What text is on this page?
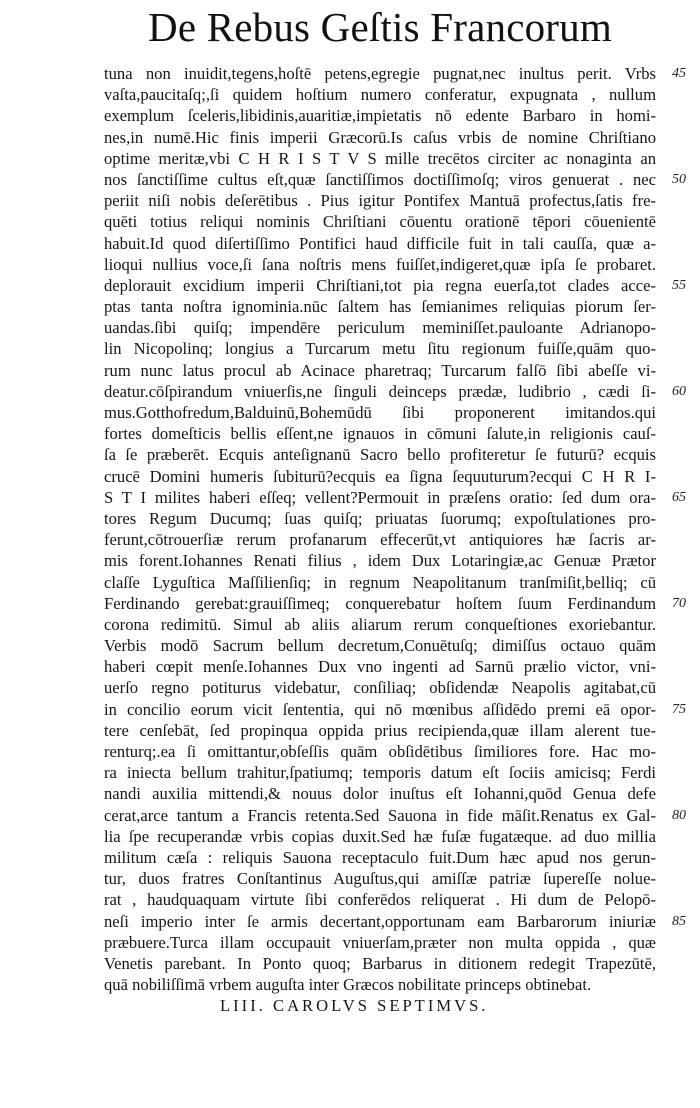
De Rebus Geſtis Francorum
tuna non inuidit,tegens,hoſtē petens,egregie pugnat,nec inultus perit. Vrbs
vaſta,paucitaſq;,ſi quidem hoſtium numero conferatur, expugnata , nullum
exemplum ſceleris,libidinis,auaritiæ,impietatis nō edente Barbaro in homi-
nes,in numē.Hic finis imperii Græcorū.Is caſus vrbis de nomine Chriſtiano
optime meritæ,vbi C H R I S T V S mille trecētos circiter ac nonaginta an
nos ſanctiſſime cultus eſt,quæ ſanctiſſimos doctiſſimoſq; viros genuerat . nec
periit niſi nobis deſerētibus . Pius igitur Pontifex Mantuā profectus,ſatis fre-
quēti totius reliqui nominis Chriſtiani cōuentu orationē tēpori cōuenientē
habuit.Id quod diſertiſſimo Pontifici haud difficile fuit in tali cauſſa, quæ a-
lioqui nullius voce,ſi ſana noſtris mens fuiſſet,indigeret,quæ ipſa ſe probaret.
deplorauit excidium imperii Chriſtiani,tot pia regna euerſa,tot clades acce-
ptas tanta noſtra ignominia.nūc ſaltem has ſemianimes reliquias piorum ſer-
uandas.ſibi quiſq; impendēre periculum meminiſſet.pauloante Adrianopo-
lin Nicopolinq; longius a Turcarum metu ſitu regionum fuiſſe,quām quo-
rum nunc latus procul ab Acinace pharetraq; Turcarum falſō ſibi abeſſe vi-
deatur.cōſpirandum vniuerſis,ne ſinguli deinceps prædæ, ludibrio , cædi ſi-
mus.Gotthofredum,Balduinū,Bohemūdū ſibi proponerent imitandos.qui
fortes domeſticis bellis eſſent,ne ignauos in cōmuni ſalute,in religionis cauſ-
ſa ſe præberēt. Ecquis anteſignanū Sacro bello profiteretur ſe futurū? ecquis
crucē Domini humeris ſubiturū?ecquis ea ſigna ſequuturum?ecqui C H R I-
S T I milites haberi eſſeq; vellent?Permouit in præſens oratio: ſed dum ora-
tores Regum Ducumq; ſuas quiſq; priuatas ſuorumq; expoſtulationes pro-
ferunt,cōtrouerſiæ rerum profanarum effecerūt,vt antiquiores hæ ſacris ar-
mis forent.Iohannes Renati filius , idem Dux Lotaringiæ,ac Genuæ Prætor
claſſe Lyguſtica Maſſilienſiq; in regnum Neapolitanum tranſmiſit,belliq; cū
Ferdinando gerebat:grauiſſimeq; conquerebatur hoſtem ſuum Ferdinandum
corona redimitū. Simul ab aliis aliarum rerum conqueſtiones exoriebantur.
Verbis modō Sacrum bellum decretum,Conuētuſq; dimiſſus octauo quām
haberi cœpit menſe.Iohannes Dux vno ingenti ad Sarnū prælio victor, vni-
uerſo regno potiturus videbatur, conſiliaq; obſidendæ Neapolis agitabat,cū
in concilio eorum vicit ſententia, qui nō mœnibus aſſidēdo premi eā opor-
tere cenſebāt, ſed propinqua oppida prius recipienda,quæ illam alerent tue-
renturq;.ea ſi omittantur,obſeſſis quām obſidētibus ſimiliores fore. Hac mo-
ra iniecta bellum trahitur,ſpatiumq; temporis datum eſt ſociis amicisq; Ferdi
nandi auxilia mittendi,& nouus dolor inuſtus eſt Iohanni,quōd Genua defe
cerat,arce tantum a Francis retenta.Sed Sauona in fide māſit.Renatus ex Gal-
lia ſpe recuperandæ vrbis copias duxit.Sed hæ fuſæ fugatæque. ad duo millia
militum cæſa : reliquis Sauona receptaculo fuit.Dum hæc apud nos gerun-
tur, duos fratres Conſtantinus Auguſtus,qui amiſſæ patriæ ſupereſſe nolue-
rat , haudquaquam virtute ſibi conferēdos reliquerat . Hi dum de Pelopō-
neſi imperio inter ſe armis decertant,opportunam eam Barbarorum iniuriæ
præbuere.Turca illam occupauit vniuerſam,præter non multa oppida , quæ
Venetis parebant. In Ponto quoq; Barbarus in ditionem redegit Trapezūtē,
quā nobiliſſimā vrbem auguſta inter Græcos nobilitate princeps obtinebat.
LIII. CAROLVS SEPTIMVS.
45
50
55
60
65
70
75
80
85
